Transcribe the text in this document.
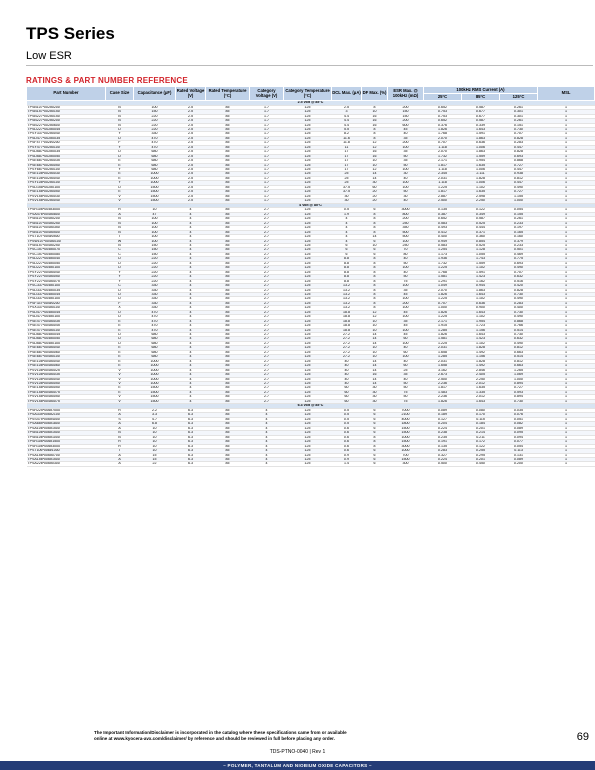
TPS Series
Low ESR
RATINGS & PART NUMBER REFERENCE
Part Number	Case Size	Capacitance (μF)	Rated Voltage (V)	Rated Temperature (°C)	Category Voltage (V)	Category Temperature (°C)	DCL Max. (μA)	DF Max. (%)	ESR Max. @ 100kHz (mΩ)	100kHz RMS Current (A)			MSL
										25°C	85°C	125°C	
2.5 Volt @ 85°C													
TPSB107*002#0200	B	100	2.5	85	1.7	125	2.5	8	200	0.652	0.587	0.261	1
TPSB157*002#0150	B	150	2.5	85	1.7	125	3	10	150	0.753	0.677	0.301	1
TPSB227*002#0150	B	220	2.5	85	1.7	125	4.4	16	150	0.753	0.677	0.301	1
TPSB227*002#0200	B	220	2.5	85	1.7	125	4.4	16	200	0.652	0.587	0.261	1
TPSB227*002#0600	B	220	2.5	85	1.7	125	4.4	16	600	0.376	0.339	0.151	1
TPSD227*002#0045	D	220	2.5	85	1.7	125	5.5	8	45	1.826	1.643	0.730	1
TPSY337*002#0040	Y	330	2.5	85	1.7	125	8.2	8	40	1.768	1.591	0.707	1
TPSD477*002#0035	D	470	2.5	85	1.7	125	11.6	8	35	2.070	1.863	0.828	1
TPSF477*002#0200	F	470	2.5	85	1.7	125	11.8	12	200	0.707	0.636	0.283	1
TPSY477*002#0100	Y	470	2.5	85	1.7	125	11	12	100	1.118	1.006	0.447	1
TPSD687*002#0035	D	680	2.5	85	1.7	125	17	16	35	2.070	1.863	0.828	1
TPSD687*002#0050	D	680	2.5	85	1.7	125	17	16	50	1.732	1.559	0.693	1
TPSE687*002#0035	E	680	2.5	85	1.7	125	17	10	35	2.171	1.954	0.868	1
TPSE687*002#0050	E	680	2.5	85	1.7	125	17	10	50	1.817	1.635	0.727	1
TPSY687*002#0100	Y	680	2.5	85	1.7	125	17	12	100	1.118	1.006	0.447	1
TPSE108*002#0030	E	1000	2.5	85	1.7	125	25	14	30	2.345	2.111	0.938	1
TPSE108*002#0040	E	1000	2.5	85	1.7	125	25	14	40	2.031	1.828	0.812	1
TPSY108*002#0100	Y	1000	2.5	85	1.7	125	25	30	100	1.118	1.006	0.447	1
TPSD158*002#0100	D	1500	2.5	85	1.7	125	37.5	60	100	1.225	1.102	0.490	1
TPSE158*002#0050	E	1500	2.5	85	1.7	125	37.5	20	50	1.817	1.635	0.727	1
TPSV158*002#0030	V	1500	2.5	85	1.7	125	30	20	30	2.887	2.598	1.155	1
TPSV158*002#0040	V	1500	2.5	85	1.7	125	30	20	40	2.500	2.250	1.000	1
4 Volt @ 85°C													
TPSR106*004#3000	R	10	4	85	2.7	125	0.5	6	3000	0.135	0.122	0.054	1
TPSA476*004#0800	A	47	4	85	2.7	125	1.9	8	800	0.387	0.349	0.155	1
TPSB107*004#0200	B	100	4	85	2.7	125	4	8	200	0.652	0.587	0.261	1
TPSB107*004#0250	B	100	4	85	2.7	125	4	8	250	0.583	0.525	0.233	1
TPSB107*004#0350	B	100	4	85	2.7	125	4	8	350	0.493	0.444	0.197	1
TPSB107*004#0500	B	100	4	85	2.7	125	4	8	500	0.412	0.371	0.165	1
TPST107*004#0500	T	100	4	85	2.7	125	4	14	500	0.400	0.360	0.160	1
TPSW107*004#0100	W	100	4	85	2.7	125	4	6	100	0.949	0.854	0.379	1
TPSB157*004#0250	B	150	4	85	2.7	125	6	10	250	0.583	0.525	0.233	1
TPSC157*004#0070	C	150	4	85	2.7	125	6	6	70	1.254	1.128	0.501	1
TPSC157*004#0080	C	150	4	85	2.7	125	6	6	80	1.173	1.055	0.469	1
TPSD227*004#0040	D	220	4	85	2.7	125	8.8	8	40	1.936	1.743	0.775	1
TPSD227*004#0050	D	220	4	85	2.7	125	8.8	8	50	1.732	1.559	0.693	1
TPSD227*004#0100	D	220	4	85	2.7	125	8.8	8	100	1.225	1.102	0.490	1
TPSY227*004#0040	Y	220	4	85	2.7	125	8.8	8	40	1.768	1.591	0.707	1
TPSY227*004#0050	Y	220	4	85	2.7	125	8.8	8	50	1.581	1.423	0.632	1
TPSY227*004#0075	Y	220	4	85	2.7	125	8.8	8	75	1.291	1.162	0.516	1
TPSC337*004#0100	C	330	4	85	2.7	125	13.2	8	100	1.049	0.944	0.420	1
TPSD337*004#0035	D	330	4	85	2.7	125	13.2	8	35	2.070	1.863	0.828	1
TPSD337*004#0045	D	330	4	85	2.7	125	13.2	8	45	1.826	1.643	0.730	1
TPSD337*004#0100	D	330	4	85	2.7	125	13.2	8	100	1.225	1.102	0.490	1
TPSF337*004#0200	F	330	4	85	2.7	125	13.2	8	200	0.707	0.636	0.283	1
TPSX337*004#0100	X	330	4	85	2.7	125	13.2	8	100	1.000	0.900	0.400	1
TPSD477*004#0045	D	470	4	85	2.7	125	18.8	12	45	1.826	1.643	0.730	1
TPSD477*004#0100	D	470	4	85	2.7	125	18.8	12	100	1.225	1.102	0.490	1
TPSE477*004#0035	E	470	4	85	2.7	125	18.8	10	35	2.171	1.954	0.868	1
TPSE477*004#0045	E	470	4	85	2.7	125	18.8	10	45	1.915	1.723	0.766	1
TPSE477*004#0100	E	470	4	85	2.7	125	18.8	10	100	1.285	1.156	0.514	1
TPSD687*004#0045	D	680	4	85	2.7	125	27.2	14	45	1.826	1.643	0.730	1
TPSD687*004#0050	D	680	4	85	2.7	125	27.2	14	60	1.581	1.423	0.632	1
TPSD687*004#0100	D	680	4	85	2.7	125	27.2	14	100	1.225	1.102	0.490	1
TPSE687*004#0040	E	680	4	85	2.7	125	27.2	10	40	2.031	1.828	0.812	1
TPSE687*004#0060	E	680	4	85	2.7	125	27.2	10	60	1.658	1.492	0.663	1
TPSE687*004#0100	E	680	4	85	2.7	125	27.2	10	100	1.285	1.156	0.514	1
TPSE108*004#0040	E	1000	4	85	2.7	125	40	14	40	2.031	1.828	0.812	1
TPSE108*004#0060	E	1000	4	85	2.7	125	40	14	60	1.658	1.492	0.663	1
TPSV108*004#0025	V	1000	4	85	2.7	125	40	14	25	3.162	2.846	1.265	1
TPSV108*004#0035	V	1000	4	85	2.7	125	40	16	35	2.673	2.405	1.069	1
TPSV108*004#0040	V	1000	4	85	2.7	125	40	14	40	2.500	2.250	1.000	1
TPSV108*004#0050	V	1000	4	85	2.7	125	40	14	50	2.236	2.012	0.894	1
TPSE158*004#0050	E	1500	4	85	2.7	125	60	30	50	1.817	1.635	0.727	1
TPSE158*004#0075	E	1500	4	85	2.7	125	60	30	75	1.483	1.335	0.593	1
TPSV158*004#0050	V	1500	4	85	2.7	125	60	30	50	2.236	2.012	0.894	1
TPSV158*004#0075	V	1500	4	85	2.7	125	60	30	75	1.826	1.643	0.730	1
6.3 Volt @ 85°C													
TPSR225*006#7000	R	2.2	6.3	85	4	125	0.5	6	7000	0.089	0.080	0.035	1
TPSA335*006#2100	A	3.3	6.3	85	4	125	0.5	6	2100	0.189	0.170	0.076	1
TPSS475*006#4000	S	4.7	6.3	85	4	125	0.5	6	4000	0.127	0.115	0.051	1
TPSA685*006#1800	A	6.8	6.3	85	4	125	0.5	6	1800	0.204	0.184	0.082	1
TPSA106*006#1500	A	10	6.3	85	4	125	0.6	6	1500	0.224	0.201	0.089	1
TPSB106*006#1500	B	10	6.3	85	4	125	0.6	6	1500	0.238	0.214	0.095	1
TPSB106*006#1000	B	10	6.3	85	4	125	0.6	8	1000	0.235	0.211	0.094	1
TPSR106*006#1500	R	10	6.3	85	4	125	0.6	8	1500	0.191	0.172	0.077	1
TPSR106*006#3000	R	10	6.3	85	4	125	0.6	8	3000	0.135	0.122	0.054	1
TPST106*006#1000	T	10	6.3	85	4	125	0.6	6	1000	0.283	0.255	0.113	1
TPSA156*006#0700	A	15	6.3	85	4	125	0.9	6	700	0.327	0.295	0.131	1
TPSA156*006#1500	A	15	6.3	85	4	125	0.9	6	1500	0.224	0.201	0.089	1
TPSA226*006#0300	A	22	6.3	85	4	125	1.4	6	300	0.500	0.450	0.200	1
The Important Information/Disclaimer is incorporated in the catalog where these specifications came from or available
online at www.kyocera-avx.com/disclaimer/ by reference and should be reviewed in full before placing any order.	69
TDS-PTNO-0040 | Rev 1
– POLYMER, TANTALUM AND NIOBIUM OXIDE CAPACITORS –
